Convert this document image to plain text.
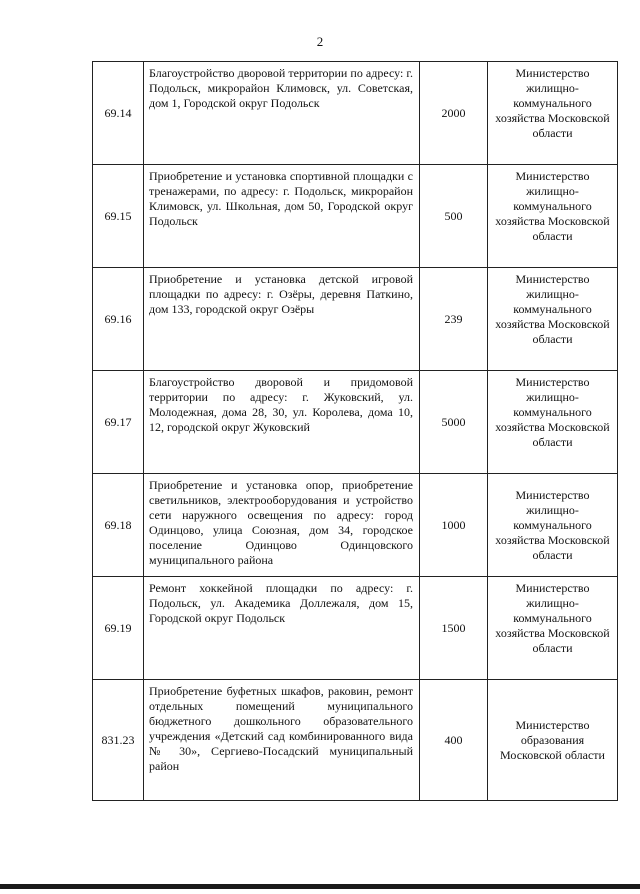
2
69.14	Благоустройство дворовой территории по адресу: г. Подольск, микрорайон Климовск, ул. Советская, дом 1, Городской округ Подольск	2000	Министерство жилищно-коммунального хозяйства Московской области
69.15	Приобретение и установка спортивной площадки с тренажерами, по адресу: г. Подольск, микрорайон Климовск, ул. Школьная, дом 50, Городской округ Подольск	500	Министерство жилищно-коммунального хозяйства Московской области
69.16	Приобретение и установка детской игровой площадки по адресу: г. Озёры, деревня Паткино, дом 133, городской округ Озёры	239	Министерство жилищно-коммунального хозяйства Московской области
69.17	Благоустройство дворовой и придомовой территории по адресу: г. Жуковский, ул. Молодежная, дома 28, 30, ул. Королева, дома 10, 12, городской округ Жуковский	5000	Министерство жилищно-коммунального хозяйства Московской области
69.18	Приобретение и установка опор, приобретение светильников, электрооборудования и устройство сети наружного освещения по адресу: город Одинцово, улица Союзная, дом 34, городское поселение Одинцово Одинцовского муниципального района	1000	Министерство жилищно-коммунального хозяйства Московской области
69.19	Ремонт хоккейной площадки по адресу: г. Подольск, ул. Академика Доллежаля, дом 15, Городской округ Подольск	1500	Министерство жилищно-коммунального хозяйства Московской области
831.23	Приобретение буфетных шкафов, раковин, ремонт отдельных помещений муниципального бюджетного дошкольного образовательного учреждения «Детский сад комбинированного вида № 30», Сергиево-Посадский муниципальный район	400	Министерство образования Московской области
